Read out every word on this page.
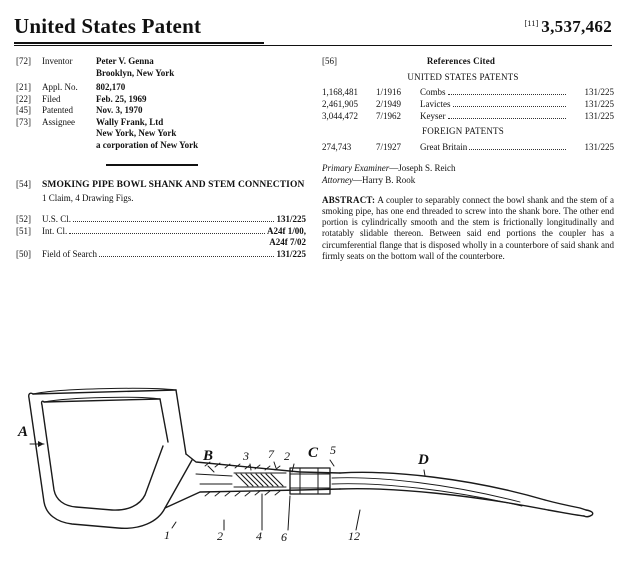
United States Patent	[11] 3,537,462
[72]	Inventor	Peter V. Genna
Brooklyn, New York
[21]	Appl. No.	802,170
[22]	Filed	Feb. 25, 1969
[45]	Patented	Nov. 3, 1970
[73]	Assignee	Wally Frank, Ltd
New York, New York
a corporation of New York
[54]	SMOKING PIPE BOWL SHANK AND STEM CONNECTION
1 Claim, 4 Drawing Figs.
[52]	U.S. Cl.	131/225
[51]	Int. Cl.	A24f 1/00,
A24f 7/02
[50]	Field of Search	131/225
[56]	References Cited
UNITED STATES PATENTS
1,168,481	1/1916	Combs	131/225
2,461,905	2/1949	Lavictes	131/225
3,044,472	7/1962	Keyser	131/225
FOREIGN PATENTS
274,743	7/1927	Great Britain	131/225
Primary Examiner—Joseph S. Reich
Attorney—Harry B. Rook
ABSTRACT: A coupler to separably connect the bowl shank and the stem of a smoking pipe, has one end threaded to screw into the shank bore. The other end portion is cylindrically smooth and the stem is frictionally longitudinally and rotatably slidable thereon. Between said end portions the coupler has a circumferential flange that is disposed wholly in a counterbore of said shank and firmly seats on the bottom wall of the counterbore.
A
B	C	D
3 7 2	5
1	2	4 6	12
